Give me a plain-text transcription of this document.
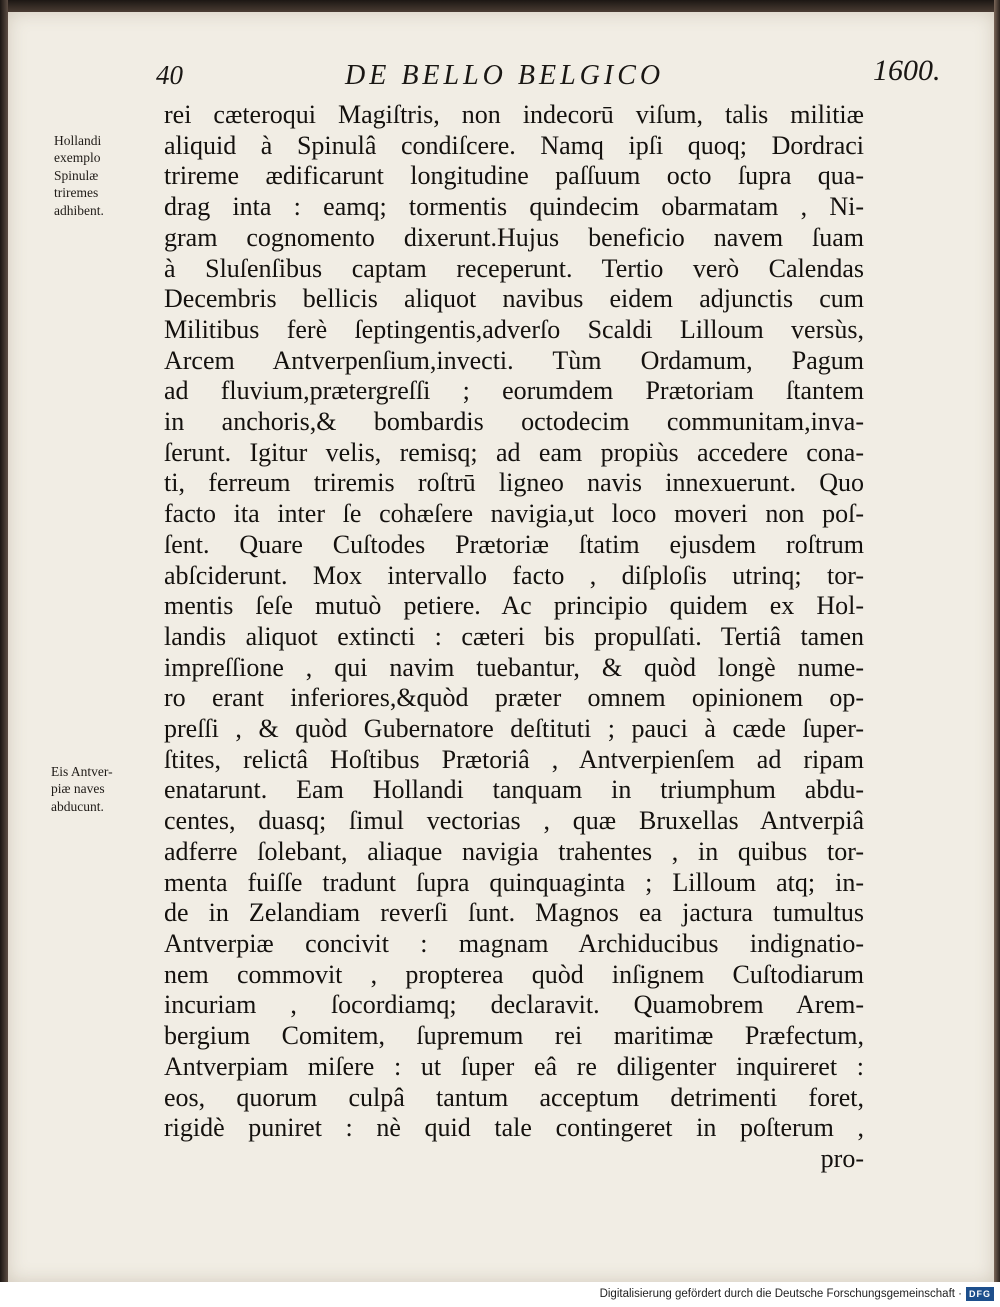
40	DE BELLO BELGICO	1600.
rei cæteroqui Magiſtris, non indecorū viſum, talis militiæ
aliquid à Spinulâ condiſcere. Namq ipſi quoq; Dordraci
trireme ædificarunt longitudine paſſuum octo ſupra qua-
drag inta : eamq; tormentis quindecim obarmatam , Ni-
gram cognomento dixerunt.Hujus beneficio navem ſuam
à Sluſenſibus captam receperunt. Tertio verò Calendas
Decembris bellicis aliquot navibus eidem adjunctis cum
Militibus ferè ſeptingentis,adverſo Scaldi Lilloum versùs,
Arcem Antverpenſium,invecti. Tùm Ordamum, Pagum
ad fluvium,prætergreſſi ; eorumdem Prætoriam ſtantem
in anchoris,& bombardis octodecim communitam,inva-
ſerunt. Igitur velis, remisq; ad eam propiùs accedere cona-
ti, ferreum triremis roſtrū ligneo navis innexuerunt. Quo
facto ita inter ſe cohæſere navigia,ut loco moveri non poſ-
ſent. Quare Cuſtodes Prætoriæ ſtatim ejusdem roſtrum
abſciderunt. Mox intervallo facto , diſploſis utrinq; tor-
mentis ſeſe mutuò petiere. Ac principio quidem ex Hol-
landis aliquot extincti : cæteri bis propulſati. Tertiâ tamen
impreſſione , qui navim tuebantur, & quòd longè nume-
ro erant inferiores,&quòd præter omnem opinionem op-
preſſi , & quòd Gubernatore deſtituti ; pauci à cæde ſuper-
ſtites, relictâ Hoſtibus Prætoriâ , Antverpienſem ad ripam
enatarunt. Eam Hollandi tanquam in triumphum abdu-
centes, duasq; ſimul vectorias , quæ Bruxellas Antverpiâ
adferre ſolebant, aliaque navigia trahentes , in quibus tor-
menta fuiſſe tradunt ſupra quinquaginta ; Lilloum atq; in-
de in Zelandiam reverſi ſunt. Magnos ea jactura tumultus
Antverpiæ concivit : magnam Archiducibus indignatio-
nem commovit , propterea quòd inſignem Cuſtodiarum
incuriam , ſocordiamq; declaravit. Quamobrem Arem-
bergium Comitem, ſupremum rei maritimæ Præfectum,
Antverpiam miſere : ut ſuper eâ re diligenter inquireret :
eos, quorum culpâ tantum acceptum detrimenti foret,
rigidè puniret : nè quid tale contingeret in poſterum ,
pro-
Hollandi
exemplo
Spinulæ
triremes
adhibent.
Eis Antver-
piæ naves
abducunt.
Digitalisierung gefördert durch die Deutsche Forschungsgemeinschaft · DFG
